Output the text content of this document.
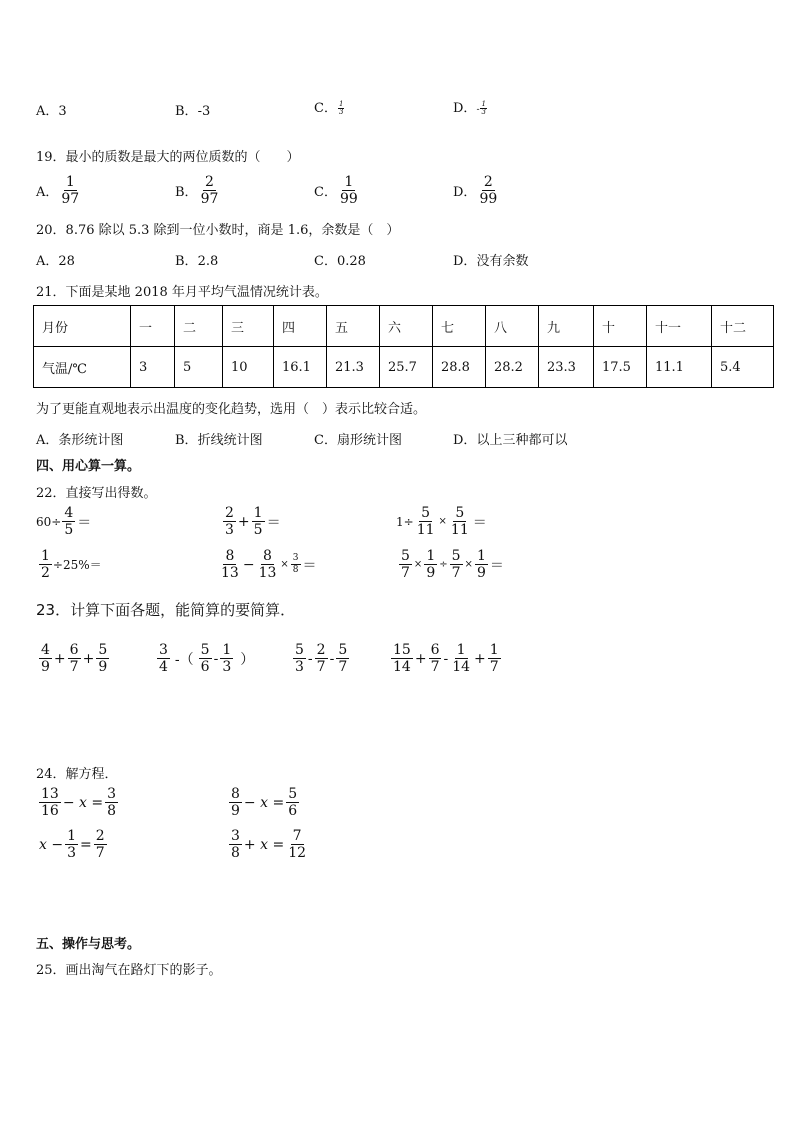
A．3	B．-3	C． $\frac{1}{3}$	D．- $\frac{1}{3}$
19．最小的质数是最大的两位质数的（　　）
A． $\frac{1}{97}$	B． $\frac{2}{97}$	C． $\frac{1}{99}$	D． $\frac{2}{99}$
20．8.76 除以 5.3 除到一位小数时，商是 1.6，余数是（　）
A．28	B．2.8	C．0.28	D．没有余数
21．下面是某地 2018 年月平均气温情况统计表。
月份	一	二	三	四	五	六	七	八	九	十	十一	十二
气温/℃	3	5	10	16.1	21.3	25.7	28.8	28.2	23.3	17.5	11.1	5.4
为了更能直观地表示出温度的变化趋势，选用（　）表示比较合适。
A．条形统计图	B．折线统计图	C．扇形统计图	D．以上三种都可以
四、用心算一算。
22．直接写出得数。
$60\div \frac{4}{5}$ ＝	$\frac{2}{3} + \frac{1}{5}$ ＝	$1\div \frac{5}{11} \times \frac{5}{11}$ ＝
$\frac{1}{2} \div 25\%=$	$\frac{8}{13} - \frac{8}{13} \times \frac{3}{8}$ ＝	$\frac{5}{7} \times \frac{1}{9} \div \frac{5}{7} \times \frac{1}{9}$ ＝
23．计算下面各题，能简算的要简算．
$\frac{4}{9} + \frac{6}{7} + \frac{5}{9}$	$\frac{3}{4}$ -（ $\frac{5}{6} - \frac{1}{3}$ ）	$\frac{5}{3} - \frac{2}{7} - \frac{5}{7}$	$\frac{15}{14} + \frac{6}{7} - \frac{1}{14} + \frac{1}{7}$
24．解方程．
$\frac{13}{16} - x = \frac{3}{8}$	$\frac{8}{9} - x = \frac{5}{6}$
$x - \frac{1}{3} = \frac{2}{7}$	$\frac{3}{8} + x = \frac{7}{12}$
五、操作与思考。
25．画出淘气在路灯下的影子。
